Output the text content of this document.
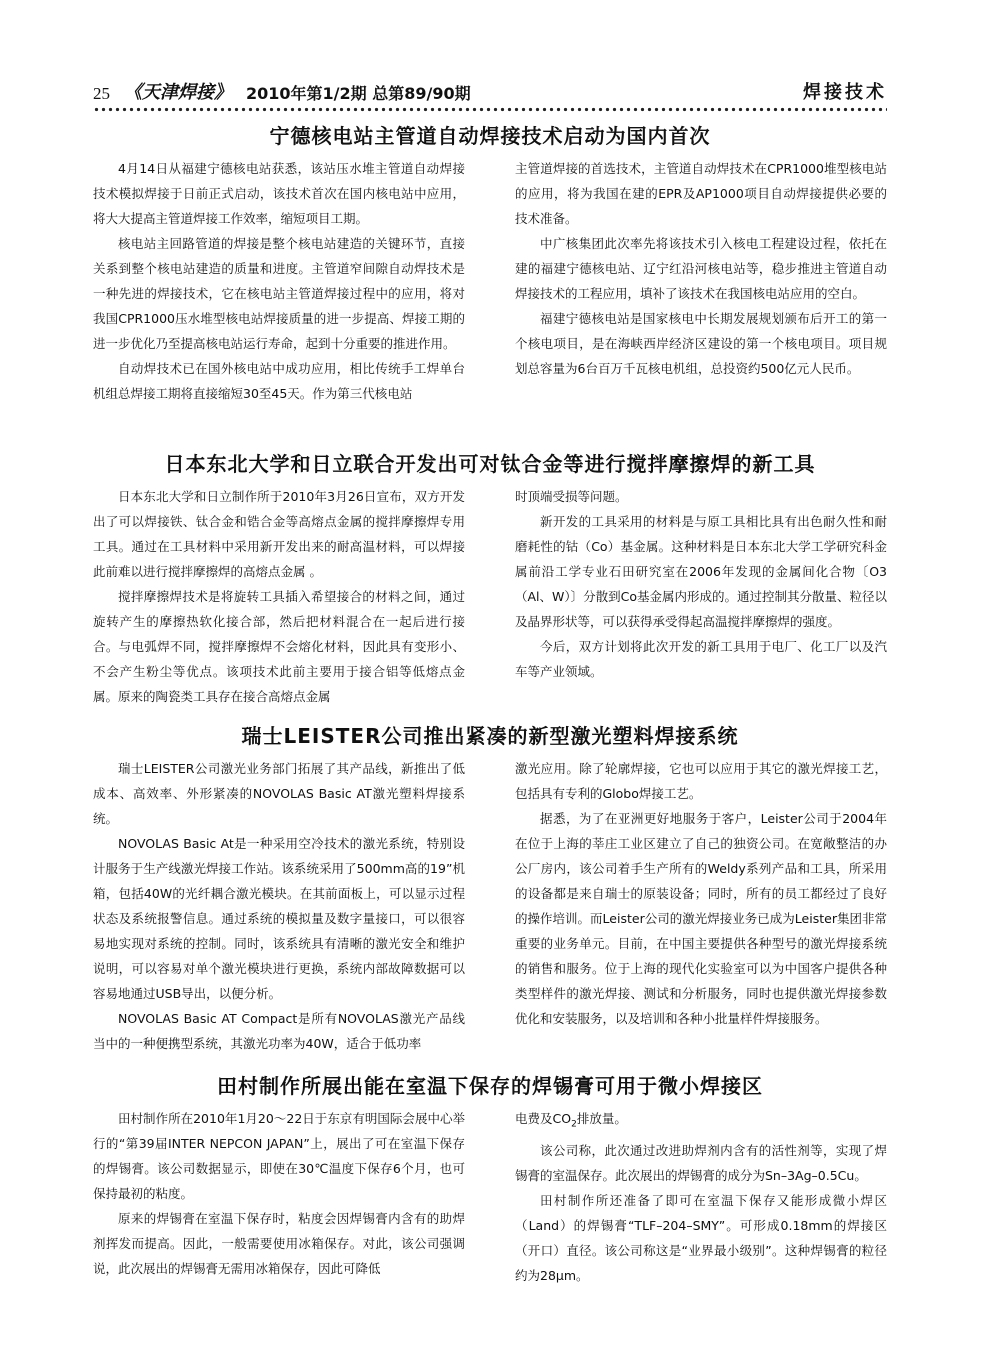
25 《天津焊接》 2010年第1/2期 总第89/90期	焊接技术
宁德核电站主管道自动焊接技术启动为国内首次

4月14日从福建宁德核电站获悉，该站压水堆主管道自动焊接技术模拟焊接于日前正式启动，该技术首次在国内核电站中应用，将大大提高主管道焊接工作效率，缩短项目工期。

核电站主回路管道的焊接是整个核电站建造的关键环节，直接关系到整个核电站建造的质量和进度。主管道窄间隙自动焊技术是一种先进的焊接技术，它在核电站主管道焊接过程中的应用，将对我国CPR1000压水堆型核电站焊接质量的进一步提高、焊接工期的进一步优化乃至提高核电站运行寿命，起到十分重要的推进作用。

自动焊技术已在国外核电站中成功应用，相比传统手工焊单台机组总焊接工期将直接缩短30至45天。作为第三代核电站

主管道焊接的首选技术，主管道自动焊技术在CPR1000堆型核电站的应用，将为我国在建的EPR及AP1000项目自动焊接提供必要的技术准备。

中广核集团此次率先将该技术引入核电工程建设过程，依托在建的福建宁德核电站、辽宁红沿河核电站等，稳步推进主管道自动焊接技术的工程应用，填补了该技术在我国核电站应用的空白。

福建宁德核电站是国家核电中长期发展规划颁布后开工的第一个核电项目，是在海峡西岸经济区建设的第一个核电项目。项目规划总容量为6台百万千瓦核电机组，总投资约500亿元人民币。

日本东北大学和日立联合开发出可对钛合金等进行搅拌摩擦焊的新工具

日本东北大学和日立制作所于2010年3月26日宣布，双方开发出了可以焊接铁、钛合金和锆合金等高熔点金属的搅拌摩擦焊专用工具。通过在工具材料中采用新开发出来的耐高温材料，可以焊接此前难以进行搅拌摩擦焊的高熔点金属 。

搅拌摩擦焊技术是将旋转工具插入希望接合的材料之间，通过旋转产生的摩擦热软化接合部，然后把材料混合在一起后进行接合。与电弧焊不同，搅拌摩擦焊不会熔化材料，因此具有变形小、不会产生粉尘等优点。该项技术此前主要用于接合铝等低熔点金属。原来的陶瓷类工具存在接合高熔点金属

时顶端受损等问题。

新开发的工具采用的材料是与原工具相比具有出色耐久性和耐磨耗性的钴（Co）基金属。这种材料是日本东北大学工学研究科金属前沿工学专业石田研究室在2006年发现的金属间化合物〔O3（Al、W）〕分散到Co基金属内形成的。通过控制其分散量、粒径以及晶界形状等，可以获得承受得起高温搅拌摩擦焊的强度。

今后，双方计划将此次开发的新工具用于电厂、化工厂以及汽车等产业领域。

瑞士LEISTER公司推出紧凑的新型激光塑料焊接系统

瑞士LEISTER公司激光业务部门拓展了其产品线，新推出了低成本、高效率、外形紧凑的NOVOLAS Basic AT激光塑料焊接系统。

NOVOLAS Basic At是一种采用空冷技术的激光系统，特别设计服务于生产线激光焊接工作站。该系统采用了500mm高的19”机箱，包括40W的光纤耦合激光模块。在其前面板上，可以显示过程状态及系统报警信息。通过系统的模拟量及数字量接口，可以很容易地实现对系统的控制。同时，该系统具有清晰的激光安全和维护说明，可以容易对单个激光模块进行更换，系统内部故障数据可以容易地通过USB导出，以便分析。

NOVOLAS Basic AT Compact是所有NOVOLAS激光产品线当中的一种便携型系统，其激光功率为40W，适合于低功率

激光应用。除了轮廓焊接，它也可以应用于其它的激光焊接工艺，包括具有专利的Globo焊接工艺。

据悉，为了在亚洲更好地服务于客户，Leister公司于2004年在位于上海的莘庄工业区建立了自己的独资公司。在宽敞整洁的办公厂房内，该公司着手生产所有的Weldy系列产品和工具，所采用的设备都是来自瑞士的原装设备；同时，所有的员工都经过了良好的操作培训。而Leister公司的激光焊接业务已成为Leister集团非常重要的业务单元。目前，在中国主要提供各种型号的激光焊接系统的销售和服务。位于上海的现代化实验室可以为中国客户提供各种类型样件的激光焊接、测试和分析服务，同时也提供激光焊接参数优化和安装服务，以及培训和各种小批量样件焊接服务。

田村制作所展出能在室温下保存的焊锡膏可用于微小焊接区

田村制作所在2010年1月20～22日于东京有明国际会展中心举行的“第39届INTER NEPCON JAPAN”上，展出了可在室温下保存的焊锡膏。该公司数据显示，即使在30℃温度下保存6个月，也可保持最初的粘度。

原来的焊锡膏在室温下保存时，粘度会因焊锡膏内含有的助焊剂挥发而提高。因此，一般需要使用冰箱保存。对此，该公司强调说，此次展出的焊锡膏无需用冰箱保存，因此可降低

电费及$CO_2$排放量。

该公司称，此次通过改进助焊剂内含有的活性剂等，实现了焊锡膏的室温保存。此次展出的焊锡膏的成分为Sn–3Ag–0.5Cu。

田村制作所还准备了即可在室温下保存又能形成微小焊区（Land）的焊锡膏“TLF–204–SMY”。可形成0.18mm的焊接区（开口）直径。该公司称这是“业界最小级别”。这种焊锡膏的粒径约为28μm。
